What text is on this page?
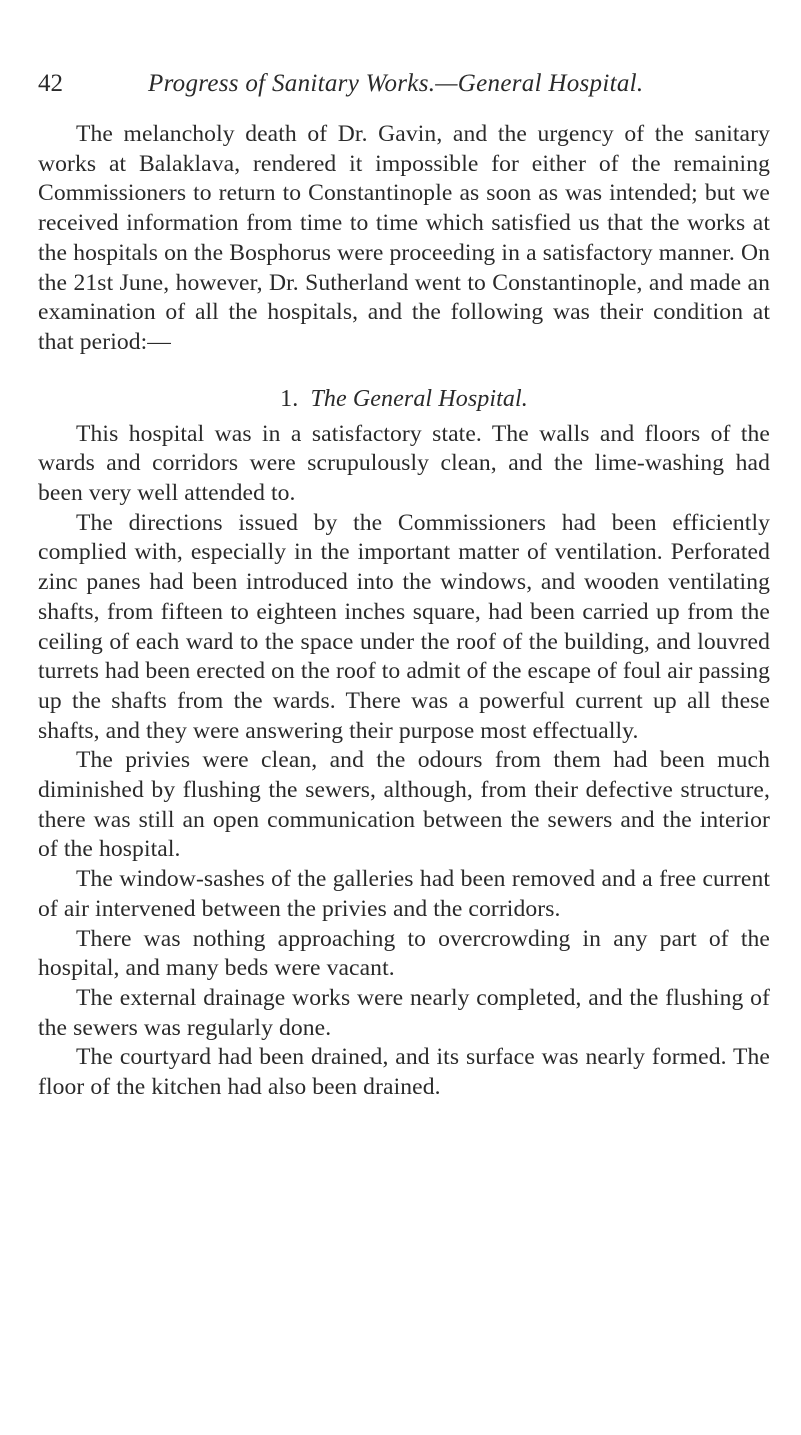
42	Progress of Sanitary Works.—General Hospital.

The melancholy death of Dr. Gavin, and the urgency of the sanitary works at Balaklava, rendered it impossible for either of the remaining Commissioners to return to Constantinople as soon as was intended; but we received information from time to time which satisfied us that the works at the hospitals on the Bosphorus were proceeding in a satisfactory manner. On the 21st June, however, Dr. Sutherland went to Constantinople, and made an examination of all the hospitals, and the following was their condition at that period:—

1. The General Hospital.

This hospital was in a satisfactory state. The walls and floors of the wards and corridors were scrupulously clean, and the lime-washing had been very well attended to.

The directions issued by the Commissioners had been efficiently complied with, especially in the important matter of ventilation. Perforated zinc panes had been introduced into the windows, and wooden ventilating shafts, from fifteen to eighteen inches square, had been carried up from the ceiling of each ward to the space under the roof of the building, and louvred turrets had been erected on the roof to admit of the escape of foul air passing up the shafts from the wards. There was a powerful current up all these shafts, and they were answering their purpose most effectually.

The privies were clean, and the odours from them had been much diminished by flushing the sewers, although, from their defective structure, there was still an open communication between the sewers and the interior of the hospital.

The window-sashes of the galleries had been removed and a free current of air intervened between the privies and the corridors.

There was nothing approaching to overcrowding in any part of the hospital, and many beds were vacant.

The external drainage works were nearly completed, and the flushing of the sewers was regularly done.

The courtyard had been drained, and its surface was nearly formed. The floor of the kitchen had also been drained.
